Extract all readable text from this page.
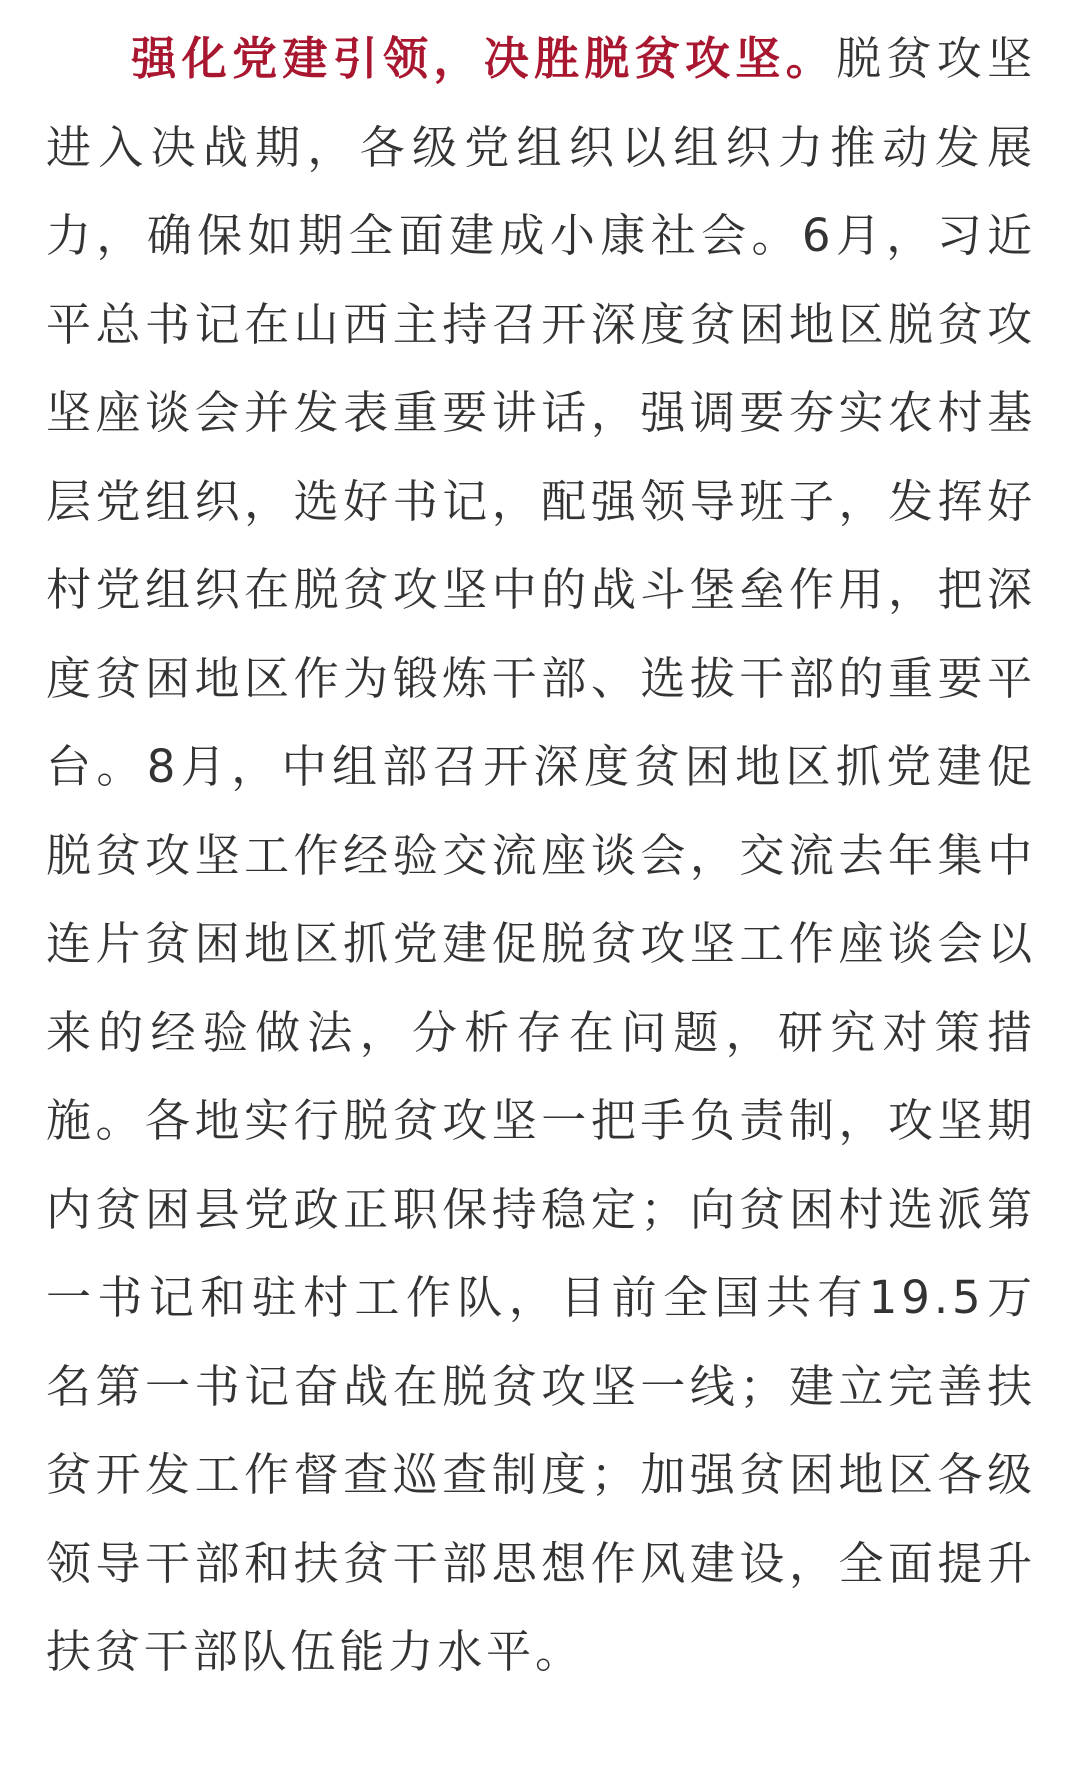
强化党建引领，决胜脱贫攻坚。脱贫攻坚进入决战期，各级党组织以组织力推动发展力，确保如期全面建成小康社会。6月，习近平总书记在山西主持召开深度贫困地区脱贫攻坚座谈会并发表重要讲话，强调要夯实农村基层党组织，选好书记，配强领导班子，发挥好村党组织在脱贫攻坚中的战斗堡垒作用，把深度贫困地区作为锻炼干部、选拔干部的重要平台。8月，中组部召开深度贫困地区抓党建促脱贫攻坚工作经验交流座谈会，交流去年集中连片贫困地区抓党建促脱贫攻坚工作座谈会以来的经验做法，分析存在问题，研究对策措施。各地实行脱贫攻坚一把手负责制，攻坚期内贫困县党政正职保持稳定；向贫困村选派第一书记和驻村工作队，目前全国共有19.5万名第一书记奋战在脱贫攻坚一线；建立完善扶贫开发工作督查巡查制度；加强贫困地区各级领导干部和扶贫干部思想作风建设，全面提升扶贫干部队伍能力水平。
